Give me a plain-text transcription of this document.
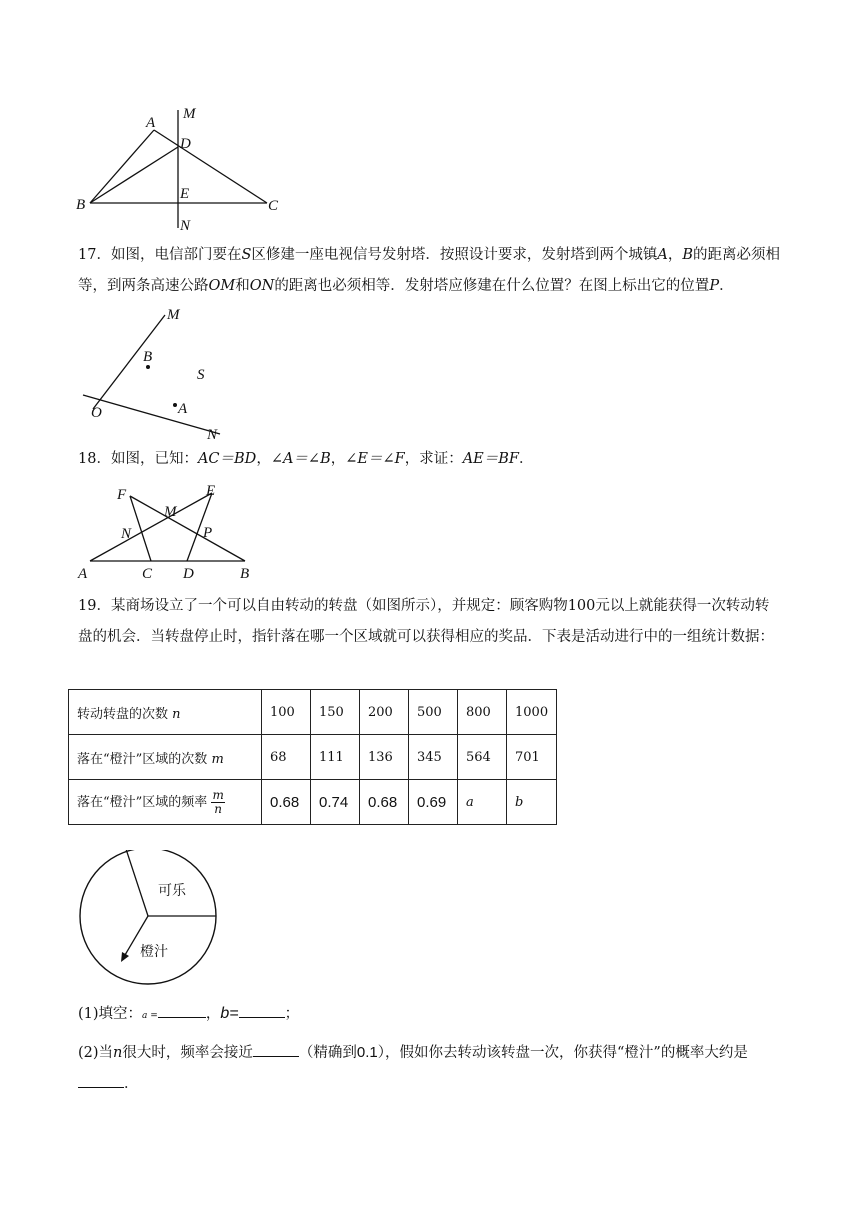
A
M
D
B
E
C
N
17．如图，电信部门要在S区修建一座电视信号发射塔．按照设计要求，发射塔到两个城镇A，B的距离必须相等，到两条高速公路OM和ON的距离也必须相等．发射塔应修建在什么位置？在图上标出它的位置P．
M
B
S
A
O
N
18．如图，已知：AC＝BD，∠A＝∠B，∠E＝∠F，求证：AE＝BF．
F	E
M
N	P
A	C D	B
19．某商场设立了一个可以自由转动的转盘（如图所示），并规定：顾客购物100元以上就能获得一次转动转盘的机会．当转盘停止时，指针落在哪一个区域就可以获得相应的奖品．下表是活动进行中的一组统计数据：
转动转盘的次数 n	100	150	200	500	800	1000
落在“橙汁”区域的次数 m	68	111	136	345	564	701
落在“橙汁”区域的频率 $\frac{m}{n}$	0.68	0.74	0.68	0.69	a	b
可乐
橙汁
(1)填空：a =	，b=	；
(2)当n很大时，频率会接近	（精确到0.1），假如你去转动该转盘一次，你获得“橙汁”的概率大约是．
